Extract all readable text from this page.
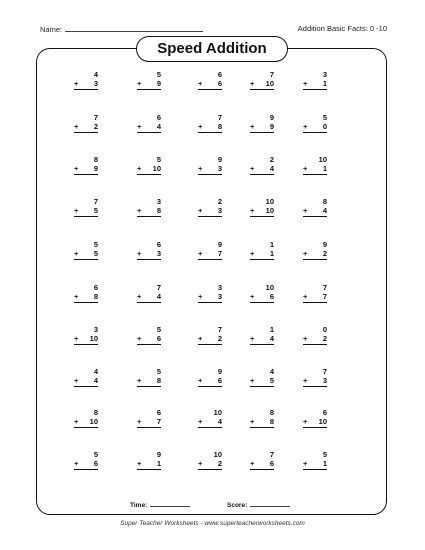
Name:	Addition Basic Facts: 0 -10
Speed Addition
4
+ 3
5
+ 9
6
+ 6
7
+ 10
3
+ 1
7
+ 2
6
+ 4
7
+ 8
9
+ 9
5
+ 0
8
+ 9
5
+ 10
9
+ 3
2
+ 4
10
+ 1
7
+ 5
3
+ 8
2
+ 3
10
+ 10
8
+ 4
5
+ 5
6
+ 3
9
+ 7
1
+ 1
9
+ 2
6
+ 8
7
+ 4
3
+ 3
10
+ 6
7
+ 7
3
+ 10
5
+ 6
7
+ 2
1
+ 4
0
+ 2
4
+ 4
5
+ 8
9
+ 6
4
+ 5
7
+ 3
8
+ 10
6
+ 7
10
+ 4
8
+ 8
6
+ 10
5
+ 6
9
+ 1
10
+ 2
7
+ 6
5
+ 1
Time:	Score:
Super Teacher Worksheets - www.superteacherworksheets.com
